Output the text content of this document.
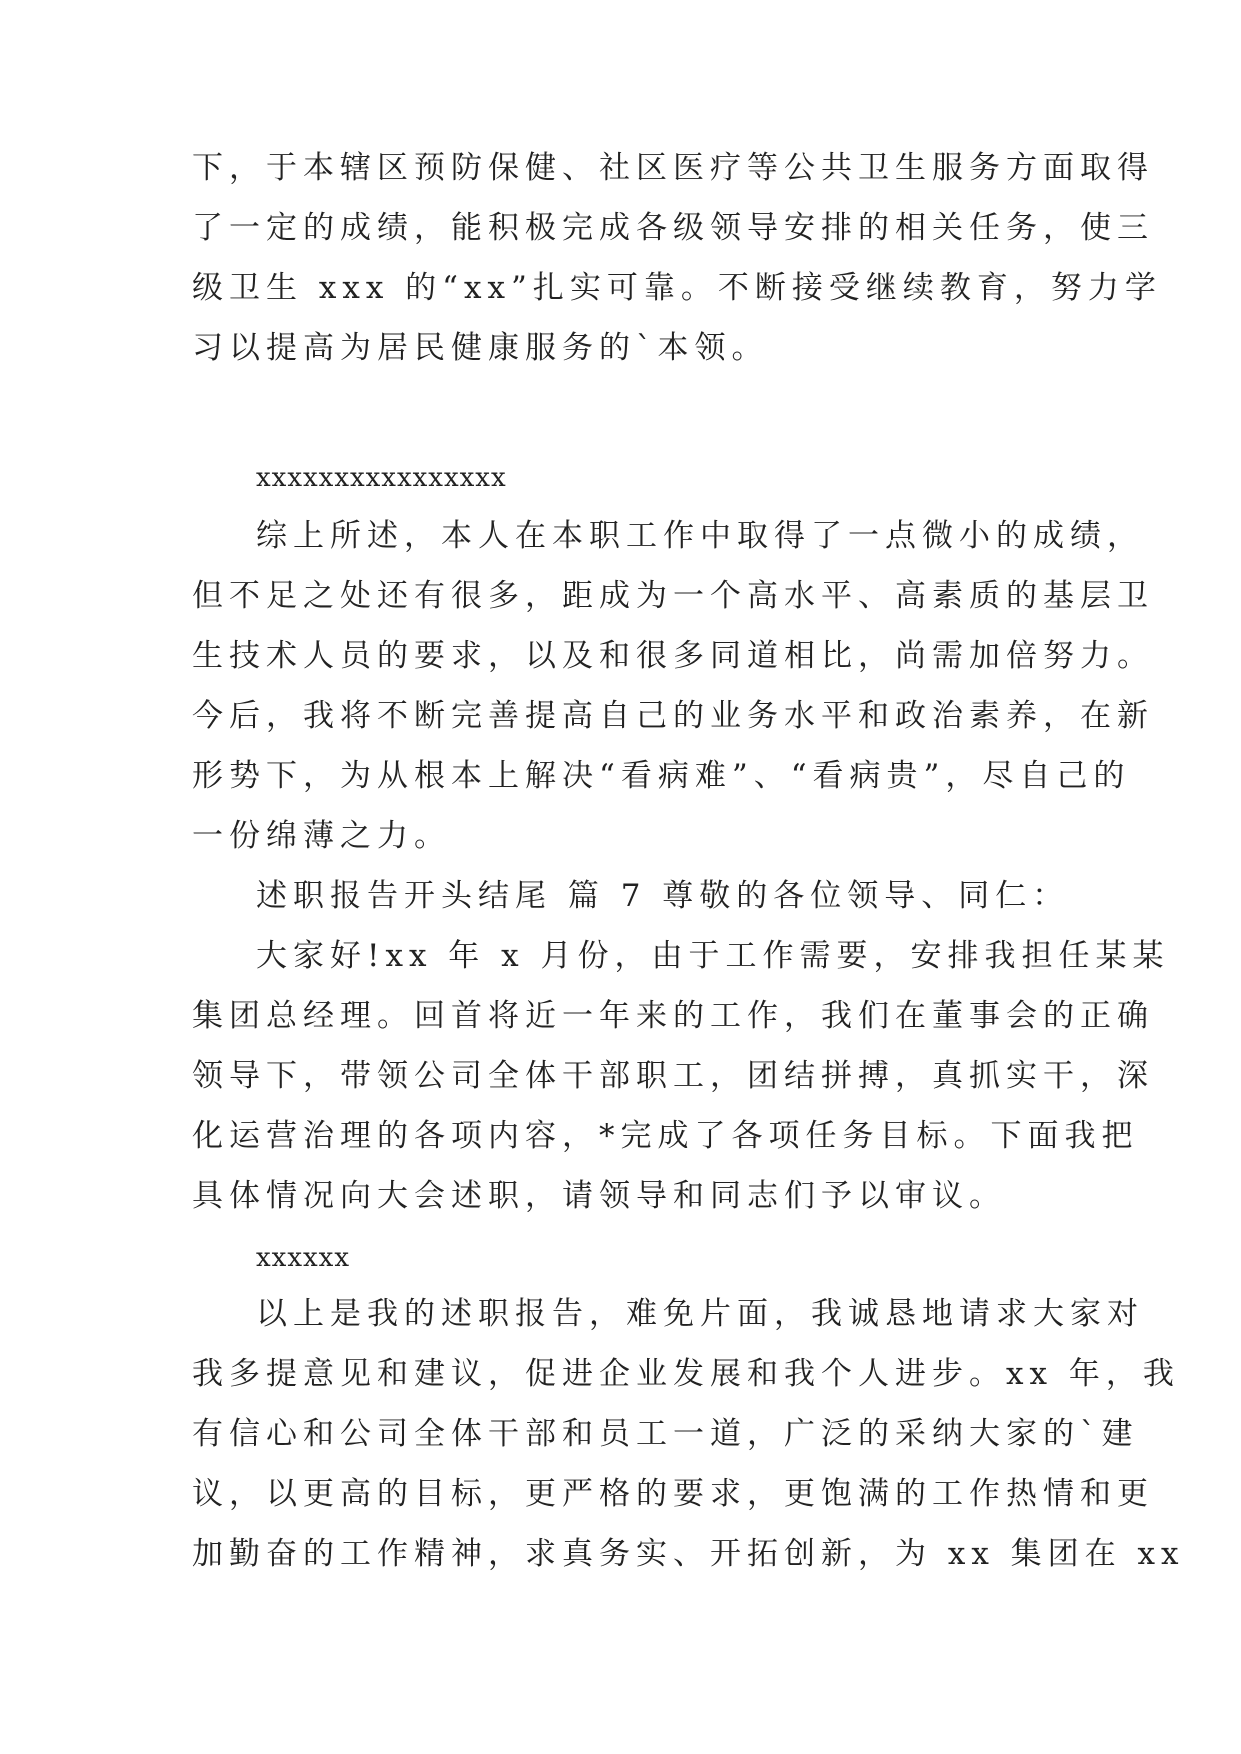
下，于本辖区预防保健、社区医疗等公共卫生服务方面取得
了一定的成绩，能积极完成各级领导安排的相关任务，使三
级卫生 xxx 的“xx”扎实可靠。不断接受继续教育，努力学
习以提高为居民健康服务的`本领。
xxxxxxxxxxxxxxxx
综上所述，本人在本职工作中取得了一点微小的成绩，
但不足之处还有很多，距成为一个高水平、高素质的基层卫
生技术人员的要求，以及和很多同道相比，尚需加倍努力。
今后，我将不断完善提高自己的业务水平和政治素养，在新
形势下，为从根本上解决“看病难”、“看病贵”，尽自己的
一份绵薄之力。
述职报告开头结尾 篇 7 尊敬的各位领导、同仁：
大家好!xx 年 x 月份，由于工作需要，安排我担任某某
集团总经理。回首将近一年来的工作，我们在董事会的正确
领导下，带领公司全体干部职工，团结拼搏，真抓实干，深
化运营治理的各项内容，*完成了各项任务目标。下面我把
具体情况向大会述职，请领导和同志们予以审议。
xxxxxx
以上是我的述职报告，难免片面，我诚恳地请求大家对
我多提意见和建议，促进企业发展和我个人进步。xx 年，我
有信心和公司全体干部和员工一道，广泛的采纳大家的`建
议，以更高的目标，更严格的要求，更饱满的工作热情和更
加勤奋的工作精神，求真务实、开拓创新，为 xx 集团在 xx
